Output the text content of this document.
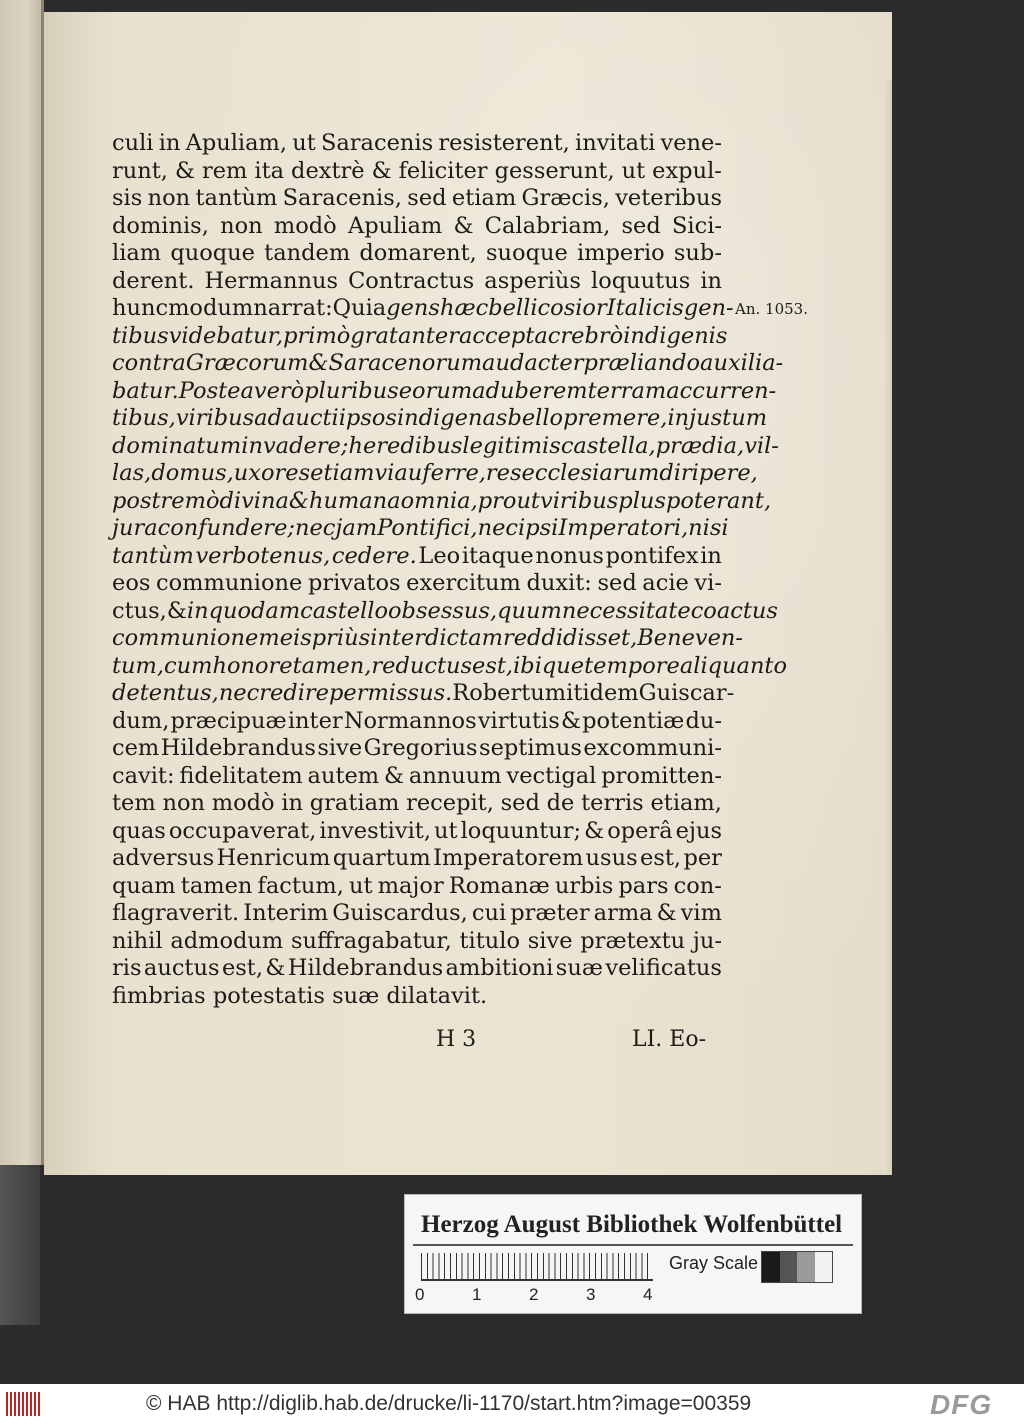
culi in Apuliam, ut Saracenis resisterent, invitati vene-
runt, & rem ita dextrè & feliciter gesserunt, ut expul-
sis non tantùm Saracenis, sed etiam Græcis, veteribus
dominis, non modò Apuliam & Calabriam, sed Sici-
liam quoque tandem domarent, suoque imperio sub-
derent. Hermannus Contractus asperiùs loquutus in
hunc modum narrat: Quia gens hæc bellicosior Italicis gen-
tibus videbatur, primò gratanter accepta crebrò indigenis
contra Græcorum & Saracenorum audacter præliando auxilia-
batur. Postea verò pluribus eorum ad uberem terram accurren-
tibus, viribus adaucti ipsos indigenas bello premere, injustum
dominatum invadere; heredibus legitimis castella, prædia, vil-
las, domus, uxores etiam vi auferre, res ecclesiarum diripere,
postremò divina & humana omnia, prout viribus plus poterant,
jura confundere; nec jam Pontifici, nec ipsi Imperatori, nisi
tantùm verbotenus, cedere. Leo itaque nonus pontifex in
eos communione privatos exercitum duxit: sed acie vi-
ctus, & in quodam castello obsessus, quum necessitate coactus
communionem eis priùs interdictam reddidisset, Beneven-
tum, cum honore tamen, reductus est, ibique tempore aliquanto
detentus, nec redire permissus. Robertum itidem Guiscar-
dum, præcipuæ inter Normannos virtutis & potentiæ du-
cem Hildebrandus sive Gregorius septimus excommuni-
cavit: fidelitatem autem & annuum vectigal promitten-
tem non modò in gratiam recepit, sed de terris etiam,
quas occupaverat, investivit, ut loquuntur; & operâ ejus
adversus Henricum quartum Imperatorem usus est, per
quam tamen factum, ut major Romanæ urbis pars con-
flagraverit. Interim Guiscardus, cui præter arma & vim
nihil admodum suffragabatur, titulo sive prætextu ju-
ris auctus est, & Hildebrandus ambitioni suæ velificatus
fimbrias potestatis suæ dilatavit.
An. 1053.
H 3	LI. Eo-
Herzog August Bibliothek Wolfenbüttel
0	1	2	3	4
Gray Scale
© HAB http://diglib.hab.de/drucke/li-1170/start.htm?image=00359	DFG
